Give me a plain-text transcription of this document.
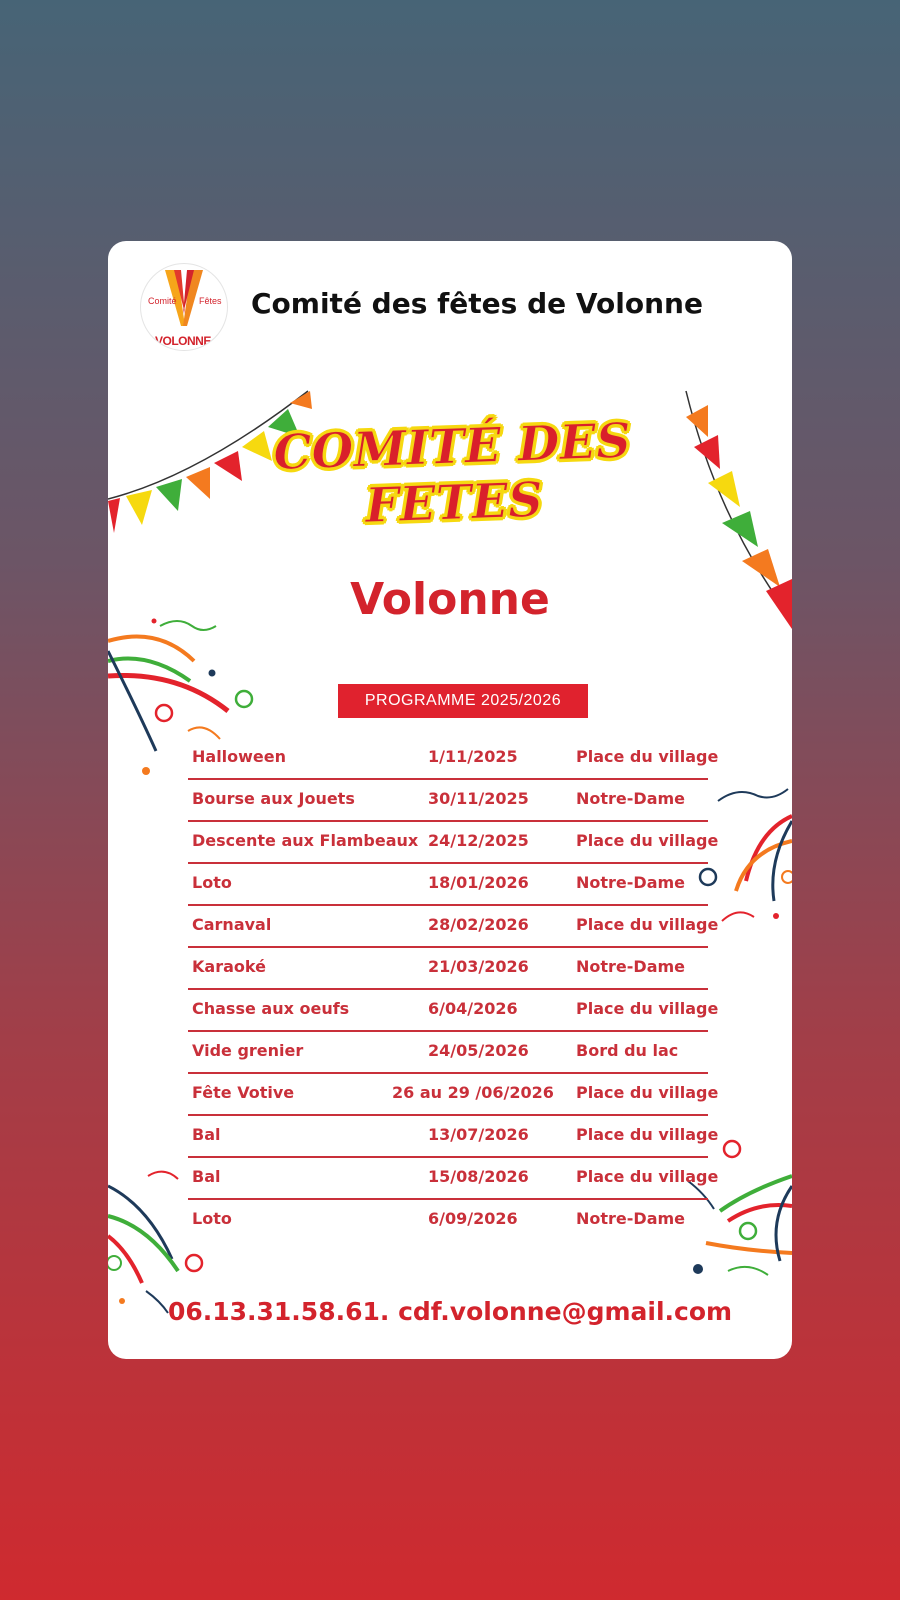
Comité Fêtes
VOLONNE
Comité des fêtes de Volonne
COMITÉ DES
FETES
Volonne
PROGRAMME 2025/2026
Halloween	1/11/2025	Place du village
Bourse aux Jouets	30/11/2025	Notre-Dame
Descente aux Flambeaux 24/12/2025	Place du village
Loto	18/01/2026	Notre-Dame
Carnaval	28/02/2026	Place du village
Karaoké	21/03/2026	Notre-Dame
Chasse aux oeufs	6/04/2026	Place du village
Vide grenier	24/05/2026	Bord du lac
Fête Votive	26 au 29 /06/2026 Place du village
Bal	13/07/2026	Place du village
Bal	15/08/2026	Place du village
Loto	6/09/2026	Notre-Dame
06.13.31.58.61. cdf.volonne@gmail.com
